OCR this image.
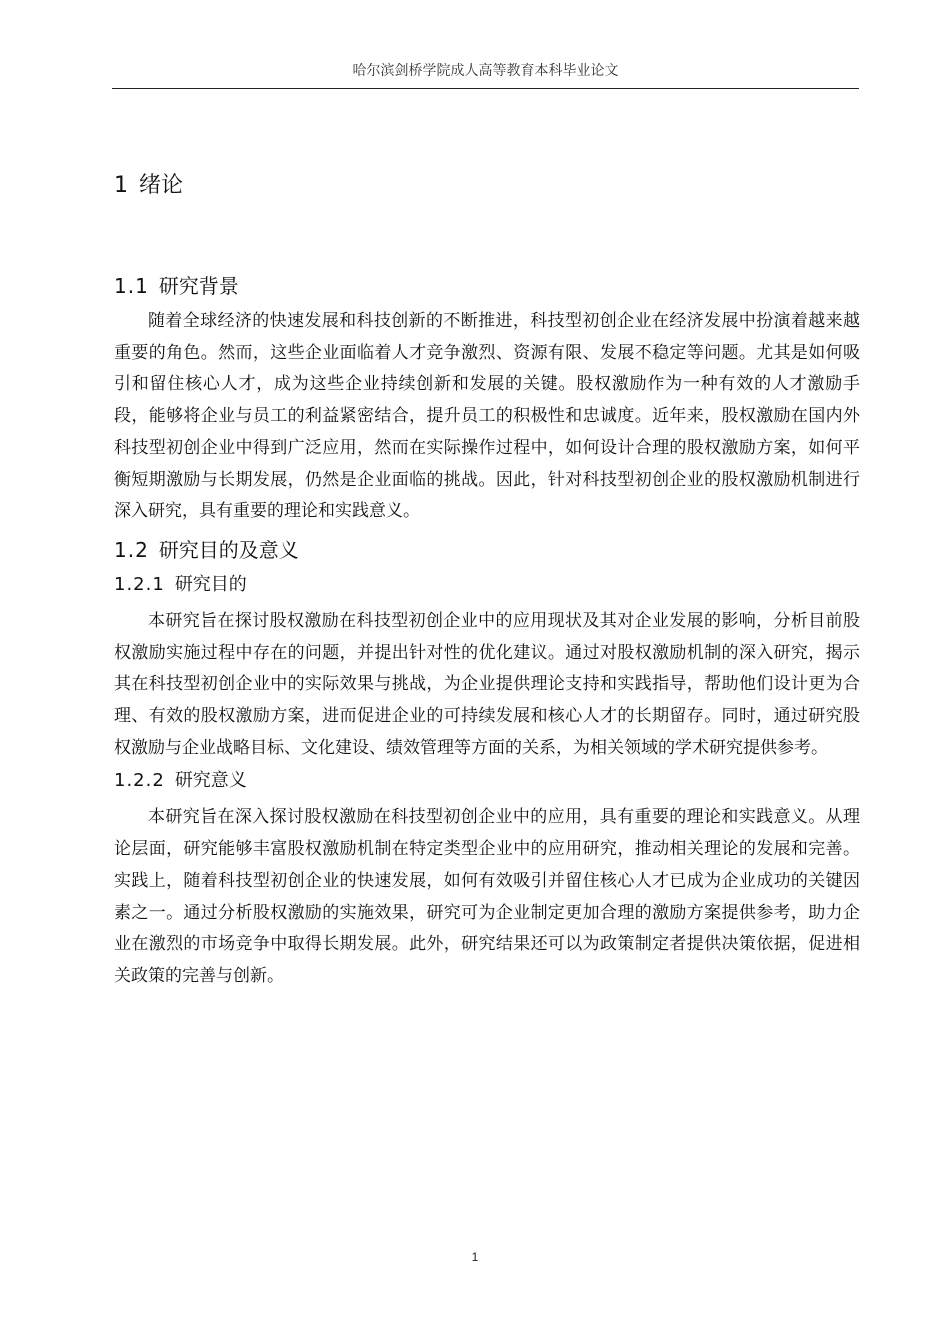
哈尔滨剑桥学院成人高等教育本科毕业论文
1 绪论
1.1 研究背景

随着全球经济的快速发展和科技创新的不断推进，科技型初创企业在经济发展中扮演着越来越重要的角色。然而，这些企业面临着人才竞争激烈、资源有限、发展不稳定等问题。尤其是如何吸引和留住核心人才，成为这些企业持续创新和发展的关键。股权激励作为一种有效的人才激励手段，能够将企业与员工的利益紧密结合，提升员工的积极性和忠诚度。近年来，股权激励在国内外科技型初创企业中得到广泛应用，然而在实际操作过程中，如何设计合理的股权激励方案，如何平衡短期激励与长期发展，仍然是企业面临的挑战。因此，针对科技型初创企业的股权激励机制进行深入研究，具有重要的理论和实践意义。

1.2 研究目的及意义
1.2.1 研究目的

本研究旨在探讨股权激励在科技型初创企业中的应用现状及其对企业发展的影响，分析目前股权激励实施过程中存在的问题，并提出针对性的优化建议。通过对股权激励机制的深入研究，揭示其在科技型初创企业中的实际效果与挑战，为企业提供理论支持和实践指导，帮助他们设计更为合理、有效的股权激励方案，进而促进企业的可持续发展和核心人才的长期留存。同时，通过研究股权激励与企业战略目标、文化建设、绩效管理等方面的关系，为相关领域的学术研究提供参考。

1.2.2 研究意义

本研究旨在深入探讨股权激励在科技型初创企业中的应用，具有重要的理论和实践意义。从理论层面，研究能够丰富股权激励机制在特定类型企业中的应用研究，推动相关理论的发展和完善。实践上，随着科技型初创企业的快速发展，如何有效吸引并留住核心人才已成为企业成功的关键因素之一。通过分析股权激励的实施效果，研究可为企业制定更加合理的激励方案提供参考，助力企业在激烈的市场竞争中取得长期发展。此外，研究结果还可以为政策制定者提供决策依据，促进相关政策的完善与创新。

1
